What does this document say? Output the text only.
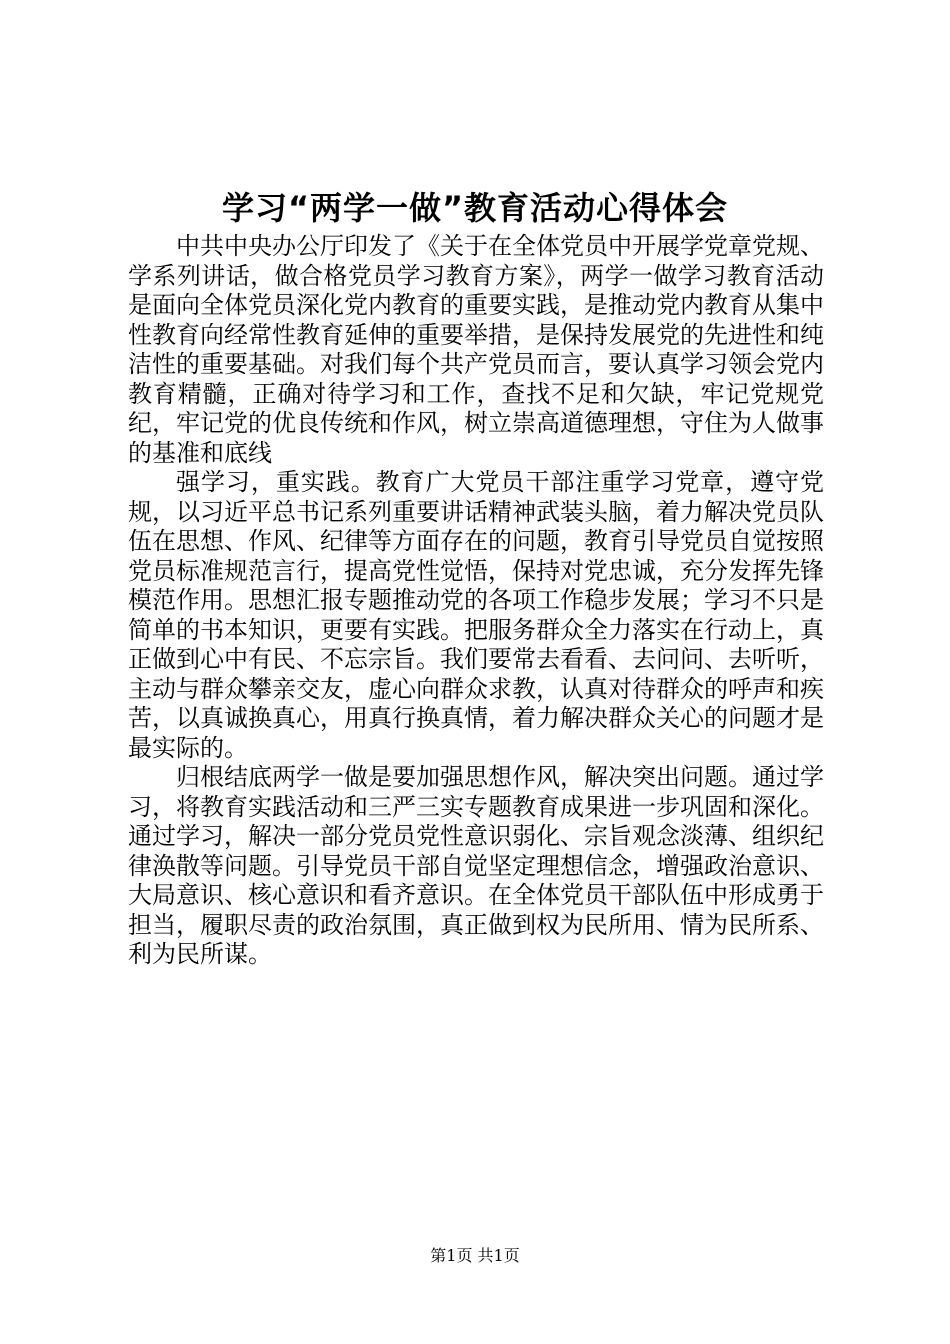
学习“两学一做”教育活动心得体会

中共中央办公厅印发了《关于在全体党员中开展学党章党规、学系列讲话，做合格党员学习教育方案》，两学一做学习教育活动是面向全体党员深化党内教育的重要实践，是推动党内教育从集中性教育向经常性教育延伸的重要举措，是保持发展党的先进性和纯洁性的重要基础。对我们每个共产党员而言，要认真学习领会党内教育精髓，正确对待学习和工作，查找不足和欠缺，牢记党规党纪，牢记党的优良传统和作风，树立崇高道德理想，守住为人做事的基准和底线

强学习，重实践。教育广大党员干部注重学习党章，遵守党规，以习近平总书记系列重要讲话精神武装头脑，着力解决党员队伍在思想、作风、纪律等方面存在的问题，教育引导党员自觉按照党员标准规范言行，提高党性觉悟，保持对党忠诚，充分发挥先锋模范作用。思想汇报专题推动党的各项工作稳步发展；学习不只是简单的书本知识，更要有实践。把服务群众全力落实在行动上，真正做到心中有民、不忘宗旨。我们要常去看看、去问问、去听听，主动与群众攀亲交友，虚心向群众求教，认真对待群众的呼声和疾苦，以真诚换真心，用真行换真情，着力解决群众关心的问题才是最实际的。

归根结底两学一做是要加强思想作风，解决突出问题。通过学习，将教育实践活动和三严三实专题教育成果进一步巩固和深化。通过学习，解决一部分党员党性意识弱化、宗旨观念淡薄、组织纪律涣散等问题。引导党员干部自觉坚定理想信念，增强政治意识、大局意识、核心意识和看齐意识。在全体党员干部队伍中形成勇于担当，履职尽责的政治氛围，真正做到权为民所用、情为民所系、利为民所谋。

第1页 共1页
